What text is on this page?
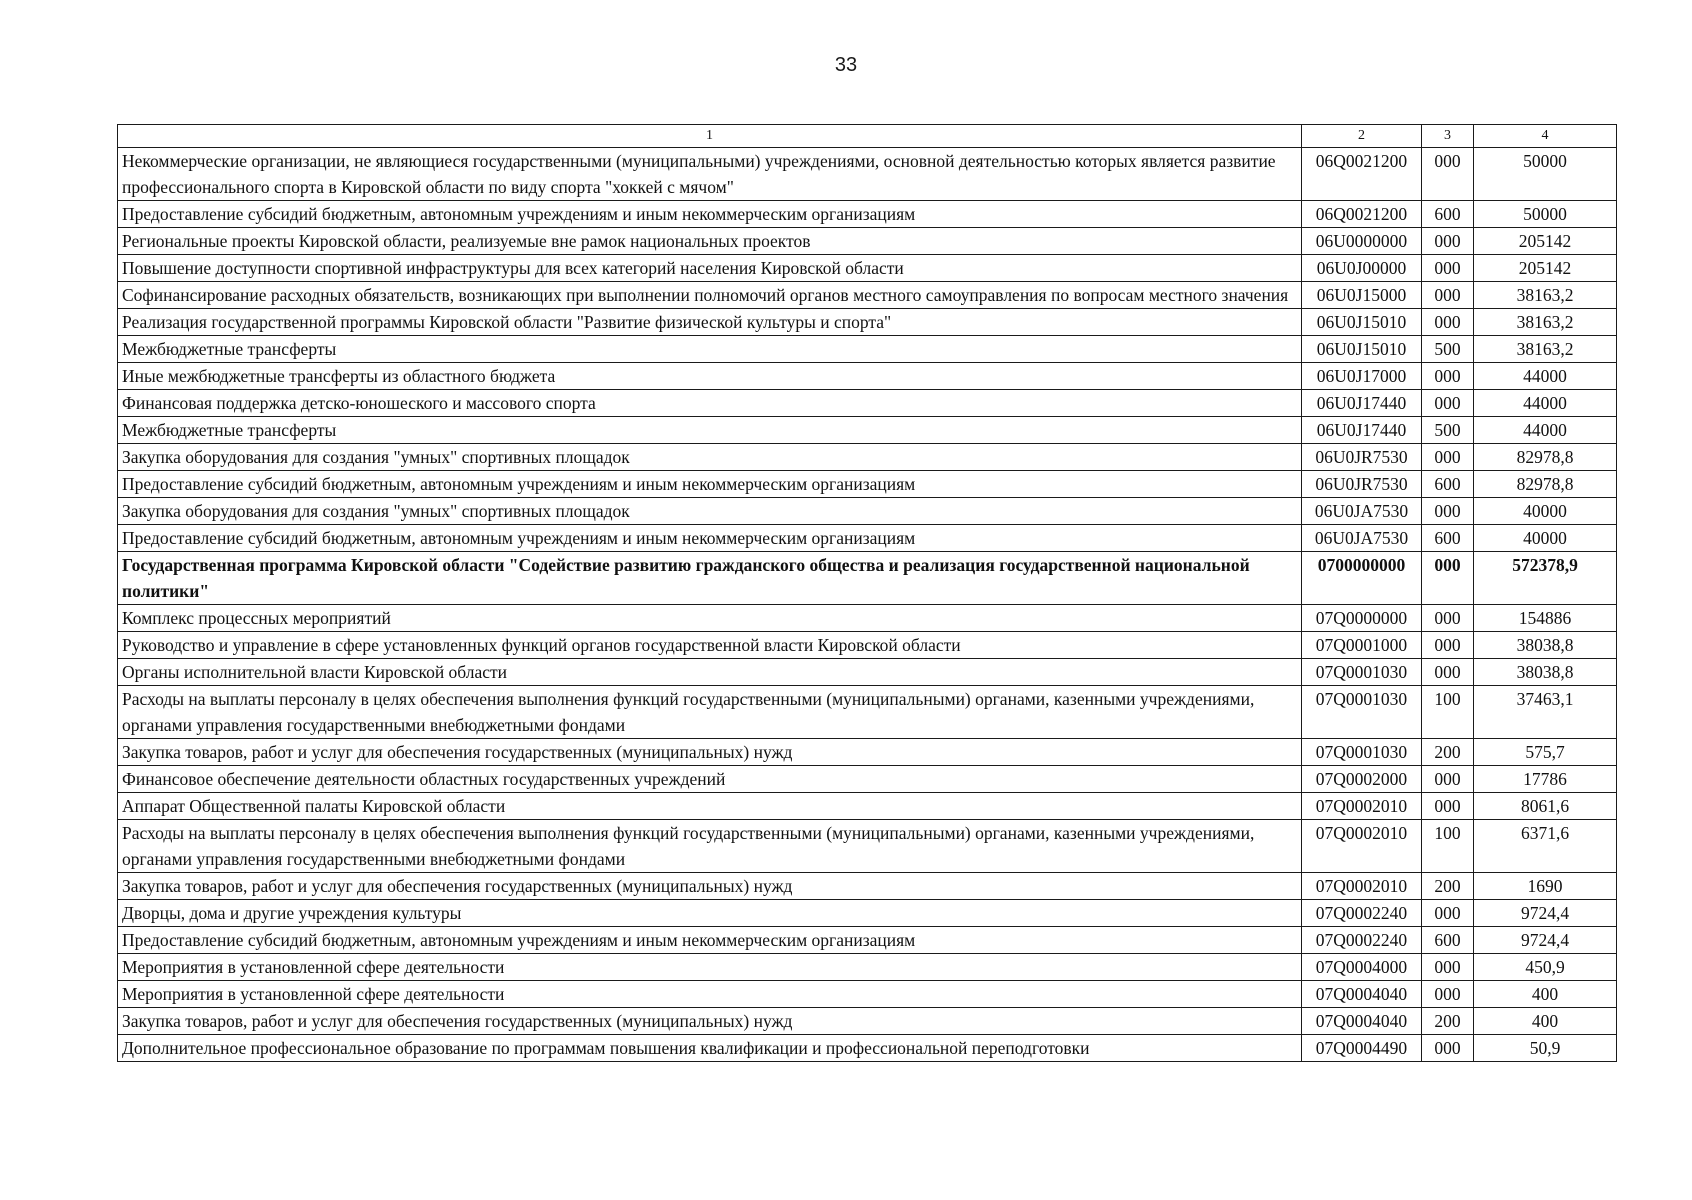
33
1	2	3	4
Некоммерческие организации, не являющиеся государственными (муниципальными) учреждениями, основной деятельностью которых является развитие профессионального спорта в Кировской области по виду спорта "хоккей с мячом"	06Q0021200	000	50000
Предоставление субсидий бюджетным, автономным учреждениям и иным некоммерческим организациям	06Q0021200	600	50000
Региональные проекты Кировской области, реализуемые вне рамок национальных проектов	06U0000000	000	205142
Повышение доступности спортивной инфраструктуры для всех категорий населения Кировской области	06U0J00000	000	205142
Софинансирование расходных обязательств, возникающих при выполнении полномочий органов местного самоуправления по вопросам местного значения	06U0J15000	000	38163,2
Реализация государственной программы Кировской области "Развитие физической культуры и спорта"	06U0J15010	000	38163,2
Межбюджетные трансферты	06U0J15010	500	38163,2
Иные межбюджетные трансферты из областного бюджета	06U0J17000	000	44000
Финансовая поддержка детско-юношеского и массового спорта	06U0J17440	000	44000
Межбюджетные трансферты	06U0J17440	500	44000
Закупка оборудования для создания "умных" спортивных площадок	06U0JR7530	000	82978,8
Предоставление субсидий бюджетным, автономным учреждениям и иным некоммерческим организациям	06U0JR7530	600	82978,8
Закупка оборудования для создания "умных" спортивных площадок	06U0JA7530	000	40000
Предоставление субсидий бюджетным, автономным учреждениям и иным некоммерческим организациям	06U0JA7530	600	40000
Государственная программа Кировской области "Содействие развитию гражданского общества и реализация государственной национальной политики"	0700000000	000	572378,9
Комплекс процессных мероприятий	07Q0000000	000	154886
Руководство и управление в сфере установленных функций органов государственной власти Кировской области	07Q0001000	000	38038,8
Органы исполнительной власти Кировской области	07Q0001030	000	38038,8
Расходы на выплаты персоналу в целях обеспечения выполнения функций государственными (муниципальными) органами, казенными учреждениями, органами управления государственными внебюджетными фондами	07Q0001030	100	37463,1
Закупка товаров, работ и услуг для обеспечения государственных (муниципальных) нужд	07Q0001030	200	575,7
Финансовое обеспечение деятельности областных государственных учреждений	07Q0002000	000	17786
Аппарат Общественной палаты Кировской области	07Q0002010	000	8061,6
Расходы на выплаты персоналу в целях обеспечения выполнения функций государственными (муниципальными) органами, казенными учреждениями, органами управления государственными внебюджетными фондами	07Q0002010	100	6371,6
Закупка товаров, работ и услуг для обеспечения государственных (муниципальных) нужд	07Q0002010	200	1690
Дворцы, дома и другие учреждения культуры	07Q0002240	000	9724,4
Предоставление субсидий бюджетным, автономным учреждениям и иным некоммерческим организациям	07Q0002240	600	9724,4
Мероприятия в установленной сфере деятельности	07Q0004000	000	450,9
Мероприятия в установленной сфере деятельности	07Q0004040	000	400
Закупка товаров, работ и услуг для обеспечения государственных (муниципальных) нужд	07Q0004040	200	400
Дополнительное профессиональное образование по программам повышения квалификации и профессиональной переподготовки	07Q0004490	000	50,9
